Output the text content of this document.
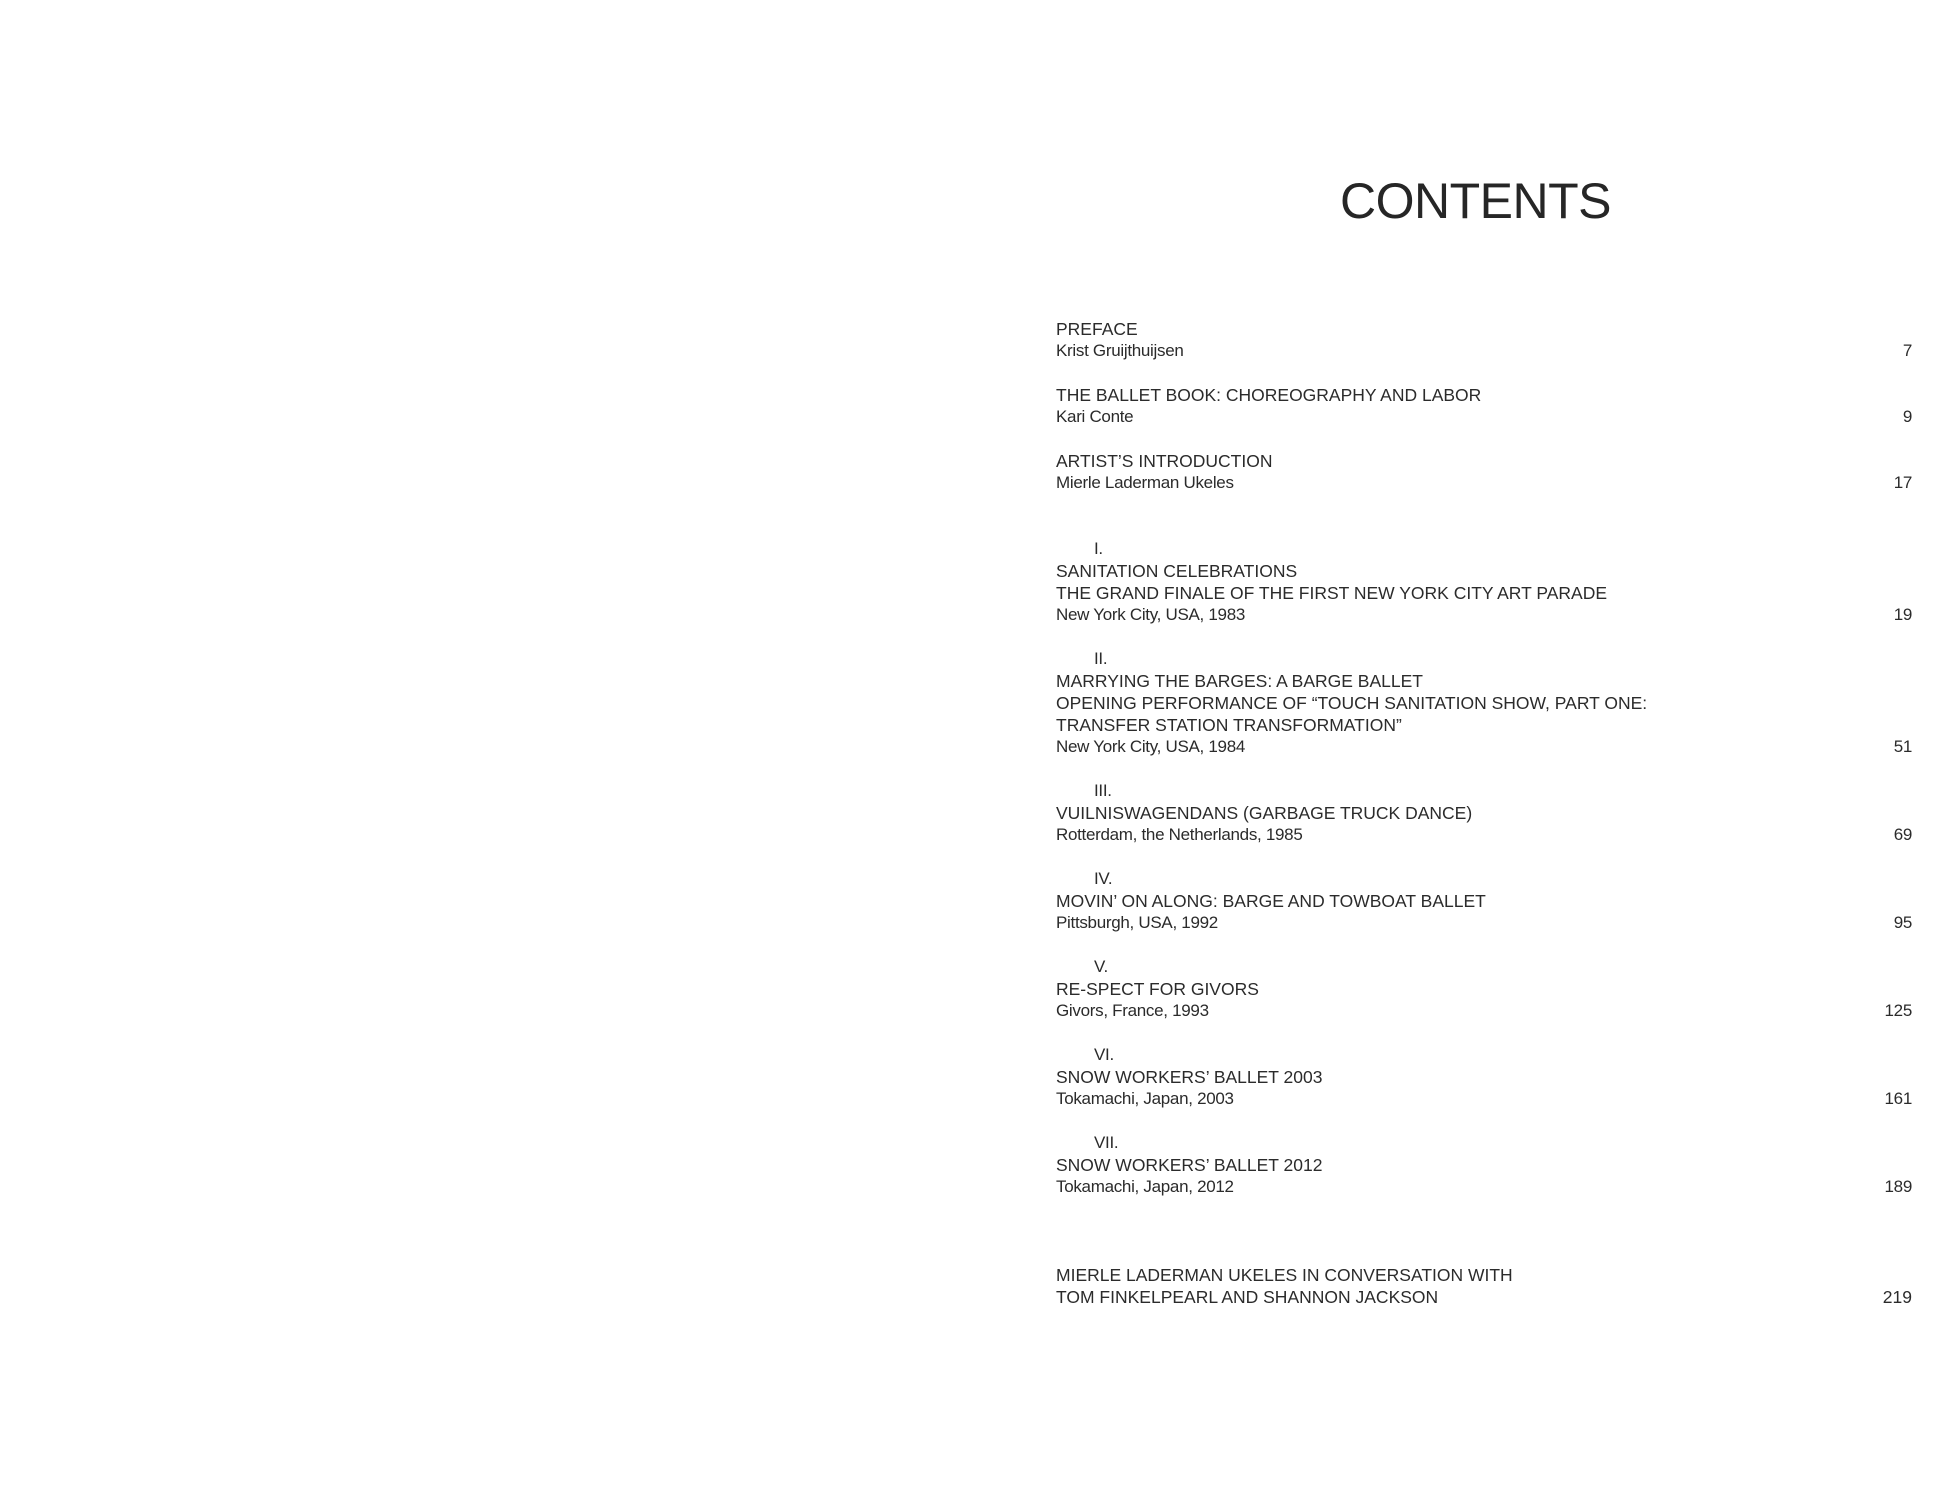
CONTENTS
PREFACE
Krist Gruijthuijsen	7
THE BALLET BOOK: CHOREOGRAPHY AND LABOR
Kari Conte	9
ARTIST’S INTRODUCTION
Mierle Laderman Ukeles	17
I.
SANITATION CELEBRATIONS
THE GRAND FINALE OF THE FIRST NEW YORK CITY ART PARADE
New York City, USA, 1983	19
II.
MARRYING THE BARGES: A BARGE BALLET
OPENING PERFORMANCE OF “TOUCH SANITATION SHOW, PART ONE:
TRANSFER STATION TRANSFORMATION”
New York City, USA, 1984	51
III.
VUILNISWAGENDANS (GARBAGE TRUCK DANCE)
Rotterdam, the Netherlands, 1985	69
IV.
MOVIN’ ON ALONG: BARGE AND TOWBOAT BALLET
Pittsburgh, USA, 1992	95
V.
RE-SPECT FOR GIVORS
Givors, France, 1993	125
VI.
SNOW WORKERS’ BALLET 2003
Tokamachi, Japan, 2003	161
VII.
SNOW WORKERS’ BALLET 2012
Tokamachi, Japan, 2012	189
MIERLE LADERMAN UKELES IN CONVERSATION WITH
TOM FINKELPEARL AND SHANNON JACKSON	219
